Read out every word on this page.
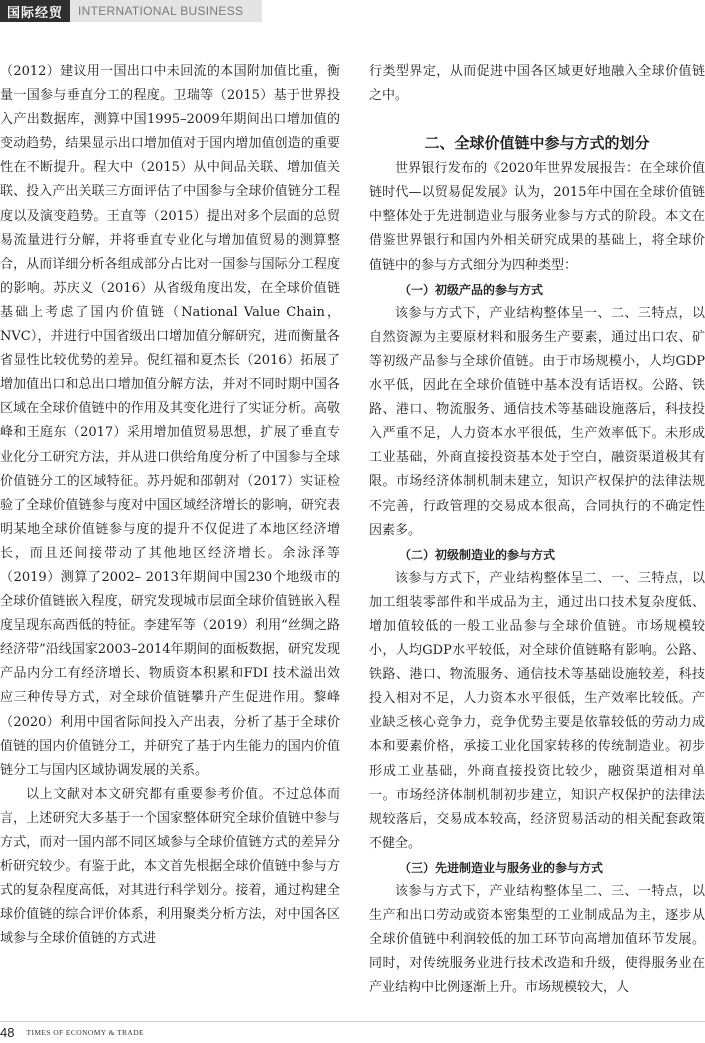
国际经贸	INTERNATIONAL BUSINESS

（2012）建议用一国出口中未回流的本国附加值比重，衡量一国参与垂直分工的程度。卫瑞等（2015）基于世界投入产出数据库，测算中国1995–2009年期间出口增加值的变动趋势，结果显示出口增加值对于国内增加值创造的重要性在不断提升。程大中（2015）从中间品关联、增加值关联、投入产出关联三方面评估了中国参与全球价值链分工程度以及演变趋势。王直等（2015）提出对多个层面的总贸易流量进行分解，并将垂直专业化与增加值贸易的测算整合，从而详细分析各组成部分占比对一国参与国际分工程度的影响。苏庆义（2016）从省级角度出发，在全球价值链基础上考虑了国内价值链（National Value Chain，NVC），并进行中国省级出口增加值分解研究，进而衡量各省显性比较优势的差异。倪红福和夏杰长（2016）拓展了增加值出口和总出口增加值分解方法，并对不同时期中国各区域在全球价值链中的作用及其变化进行了实证分析。高敬峰和王庭东（2017）采用增加值贸易思想，扩展了垂直专业化分工研究方法，并从进口供给角度分析了中国参与全球价值链分工的区域特征。苏丹妮和邵朝对（2017）实证检验了全球价值链参与度对中国区域经济增长的影响，研究表明某地全球价值链参与度的提升不仅促进了本地区经济增长，而且还间接带动了其他地区经济增长。余泳泽等（2019）测算了2002– 2013年期间中国230个地级市的全球价值链嵌入程度，研究发现城市层面全球价值链嵌入程度呈现东高西低的特征。李建军等（2019）利用“丝绸之路经济带”沿线国家2003–2014年期间的面板数据，研究发现产品内分工有经济增长、物质资本积累和FDI 技术溢出效应三种传导方式，对全球价值链攀升产生促进作用。黎峰（2020）利用中国省际间投入产出表，分析了基于全球价值链的国内价值链分工，并研究了基于内生能力的国内价值链分工与国内区域协调发展的关系。

以上文献对本文研究都有重要参考价值。不过总体而言，上述研究大多基于一个国家整体研究全球价值链中参与方式，而对一国内部不同区域参与全球价值链方式的差异分析研究较少。有鉴于此，本文首先根据全球价值链中参与方式的复杂程度高低，对其进行科学划分。接着，通过构建全球价值链的综合评价体系，利用聚类分析方法，对中国各区域参与全球价值链的方式进

行类型界定，从而促进中国各区域更好地融入全球价值链之中。

二、全球价值链中参与方式的划分

世界银行发布的《2020年世界发展报告：在全球价值链时代—以贸易促发展》认为，2015年中国在全球价值链中整体处于先进制造业与服务业参与方式的阶段。本文在借鉴世界银行和国内外相关研究成果的基础上，将全球价值链中的参与方式细分为四种类型：

（一）初级产品的参与方式

该参与方式下，产业结构整体呈一、二、三特点，以自然资源为主要原材料和服务生产要素，通过出口农、矿等初级产品参与全球价值链。由于市场规模小，人均GDP水平低，因此在全球价值链中基本没有话语权。公路、铁路、港口、物流服务、通信技术等基础设施落后，科技投入严重不足，人力资本水平很低，生产效率低下。未形成工业基础，外商直接投资基本处于空白，融资渠道极其有限。市场经济体制机制未建立，知识产权保护的法律法规不完善，行政管理的交易成本很高，合同执行的不确定性因素多。

（二）初级制造业的参与方式

该参与方式下，产业结构整体呈二、一、三特点，以加工组装零部件和半成品为主，通过出口技术复杂度低、增加值较低的一般工业品参与全球价值链。市场规模较小，人均GDP水平较低，对全球价值链略有影响。公路、铁路、港口、物流服务、通信技术等基础设施较差，科技投入相对不足，人力资本水平很低，生产效率比较低。产业缺乏核心竞争力，竞争优势主要是依靠较低的劳动力成本和要素价格，承接工业化国家转移的传统制造业。初步形成工业基础，外商直接投资比较少，融资渠道相对单一。市场经济体制机制初步建立，知识产权保护的法律法规较落后，交易成本较高，经济贸易活动的相关配套政策不健全。

（三）先进制造业与服务业的参与方式

该参与方式下，产业结构整体呈二、三、一特点，以生产和出口劳动或资本密集型的工业制成品为主，逐步从全球价值链中利润较低的加工环节向高增加值环节发展。同时，对传统服务业进行技术改造和升级，使得服务业在产业结构中比例逐渐上升。市场规模较大，人

48 TIMES OF ECONOMY & TRADE
